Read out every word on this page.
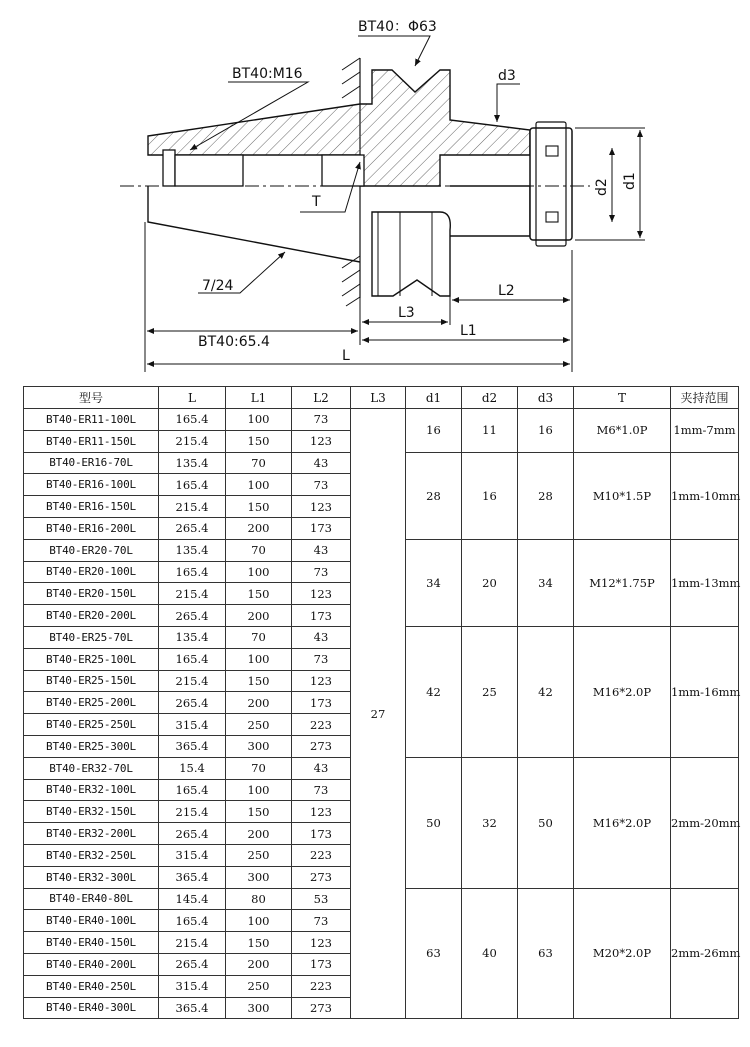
BT40：Φ63
BT40:M16	d3
d2 d1
T
7/24	L2
L3
L1
BT40:65.4
L
型号	L	L1	L2	L3	d1	d2	d3	T	夹持范围
BT40-ER11-100L	165.4	100	73	27	16	11	16	M6*1.0P	1mm-7mm
BT40-ER11-150L	215.4	150	123						
BT40-ER16-70L	135.4	70	43		28	16	28	M10*1.5P	1mm-10mm
BT40-ER16-100L	165.4	100	73						
BT40-ER16-150L	215.4	150	123						
BT40-ER16-200L	265.4	200	173						
BT40-ER20-70L	135.4	70	43		34	20	34	M12*1.75P	1mm-13mm
BT40-ER20-100L	165.4	100	73						
BT40-ER20-150L	215.4	150	123						
BT40-ER20-200L	265.4	200	173						
BT40-ER25-70L	135.4	70	43		42	25	42	M16*2.0P	1mm-16mm
BT40-ER25-100L	165.4	100	73						
BT40-ER25-150L	215.4	150	123						
BT40-ER25-200L	265.4	200	173						
BT40-ER25-250L	315.4	250	223						
BT40-ER25-300L	365.4	300	273						
BT40-ER32-70L	15.4	70	43		50	32	50	M16*2.0P	2mm-20mm
BT40-ER32-100L	165.4	100	73						
BT40-ER32-150L	215.4	150	123						
BT40-ER32-200L	265.4	200	173						
BT40-ER32-250L	315.4	250	223						
BT40-ER32-300L	365.4	300	273						
BT40-ER40-80L	145.4	80	53		63	40	63	M20*2.0P	2mm-26mm
BT40-ER40-100L	165.4	100	73						
BT40-ER40-150L	215.4	150	123						
BT40-ER40-200L	265.4	200	173						
BT40-ER40-250L	315.4	250	223						
BT40-ER40-300L	365.4	300	273						
